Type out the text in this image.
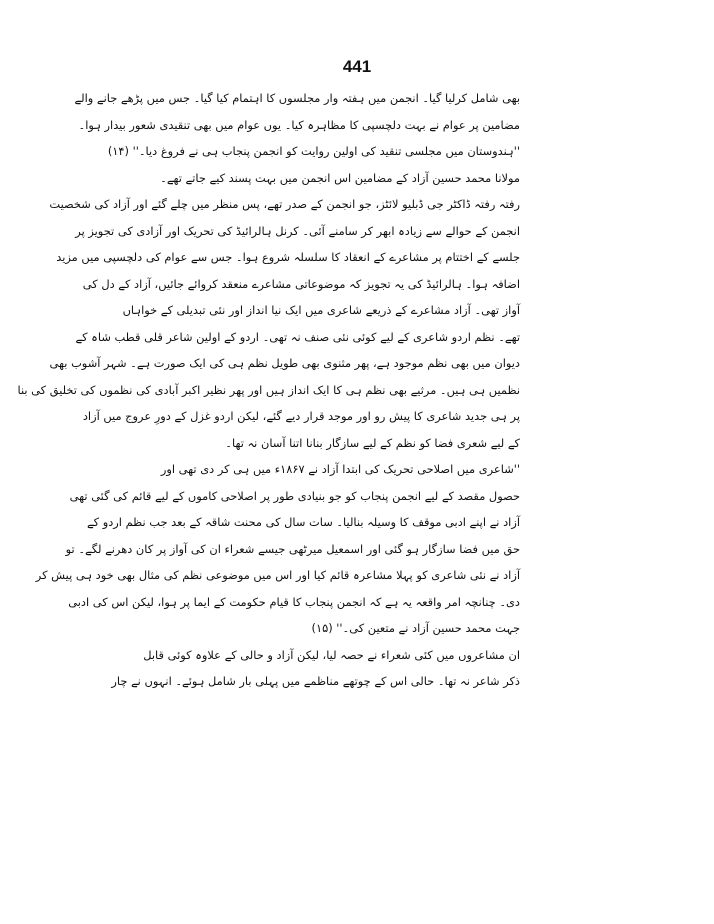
441
بھی شامل کرلیا گیا۔ انجمن میں ہفتہ وار مجلسوں کا اہتمام کیا گیا۔ جس میں پڑھے جانے والے
مضامین پر عوام نے بہت دلچسپی کا مظاہرہ کیا۔ یوں عوام میں بھی تنقیدی شعور بیدار ہوا۔
''ہندوستان میں مجلسی تنقید کی اولین روایت کو انجمن پنجاب ہی نے فروغ دیا۔'' (۱۴)
مولانا محمد حسین آزاد کے مضامین اس انجمن میں بہت پسند کیے جاتے تھے۔
رفتہ رفتہ ڈاکٹر جی ڈبلیو لائٹز، جو انجمن کے صدر تھے، پس منظر میں چلے گئے اور آزاد کی شخصیت
انجمن کے حوالے سے زیادہ ابھر کر سامنے آئی۔ کرنل ہالرائیڈ کی تحریک اور آزادی کی تجویز پر
جلسے کے اختتام پر مشاعرے کے انعقاد کا سلسلہ شروع ہوا۔ جس سے عوام کی دلچسپی میں مزید
اضافہ ہوا۔ ہالرائیڈ کی یہ تجویز کہ موضوعاتی مشاعرے منعقد کروائے جائیں، آزاد کے دل کی
آواز تھی۔ آزاد مشاعرے کے ذریعے شاعری میں ایک نیا انداز اور نئی تبدیلی کے خواہاں
تھے۔ نظم اردو شاعری کے لیے کوئی نئی صنف نہ تھی۔ اردو کے اولین شاعر قلی قطب شاہ کے
دیوان میں بھی نظم موجود ہے، پھر مثنوی بھی طویل نظم ہی کی ایک صورت ہے۔ شہر آشوب بھی
نظمیں ہی ہیں۔ مرثیے بھی نظم ہی کا ایک انداز ہیں اور پھر نظیر اکبر آبادی کی نظموں کی تخلیق کی بنا
پر ہی جدید شاعری کا پیش رو اور موجد قرار دیے گئے، لیکن اردو غزل کے دورِ عروج میں آزاد
کے لیے شعری فضا کو نظم کے لیے سازگار بنانا اتنا آسان نہ تھا۔
''شاعری میں اصلاحی تحریک کی ابتدا آزاد نے ۱۸۶۷ء میں ہی کر دی تھی اور
حصول مقصد کے لیے انجمن پنجاب کو جو بنیادی طور پر اصلاحی کاموں کے لیے قائم کی گئی تھی
آزاد نے اپنے ادبی موقف کا وسیلہ بنالیا۔ سات سال کی محنت شاقہ کے بعد جب نظم اردو کے
حق میں فضا سازگار ہو گئی اور اسمعیل میرٹھی جیسے شعراء ان کی آواز پر کان دھرنے لگے۔ تو
آزاد نے نئی شاعری کو پہلا مشاعرہ قائم کیا اور اس میں موضوعی نظم کی مثال بھی خود ہی پیش کر
دی۔ چنانچہ امر واقعہ یہ ہے کہ انجمن پنجاب کا قیام حکومت کے ایما پر ہوا، لیکن اس کی ادبی
جہت محمد حسین آزاد نے متعین کی۔'' (۱۵)
ان مشاعروں میں کئی شعراء نے حصہ لیا، لیکن آزاد و حالی کے علاوہ کوئی قابل
ذکر شاعر نہ تھا۔ حالی اس کے چوتھے مناظمے میں پہلی بار شامل ہوئے۔ انہوں نے چار
